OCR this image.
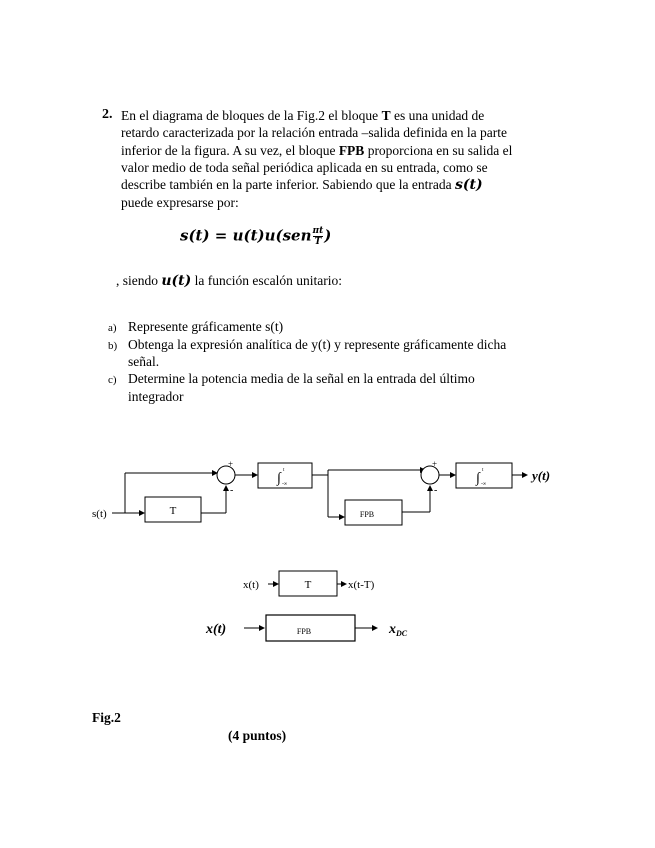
2. En el diagrama de bloques de la Fig.2 el bloque T es una unidad de
retardo caracterizada por la relación entrada –salida definida en la parte
inferior de la figura. A su vez, el bloque FPB proporciona en su salida el
valor medio de toda señal periódica aplicada en su entrada, como se
describe también en la parte inferior. Sabiendo que la entrada s(t)
puede expresarse por:
$s(t) = u(t)u(sen \frac{\pi t}{T}$ )
, siendo u(t) la función escalón unitario:
a) Represente gráficamente s(t)
b) Obtenga la expresión analítica de y(t) y represente gráficamente dicha
señal.
c) Determine la potencia media de la señal en la entrada del último
integrador
s(t)	T
+
-
∫
t
-∞
FPB
+
-
∫
t
-∞
y(t)
x(t)	T	x(t-T)
x(t)	FPB	$x_{DC}$
Fig.2
(4 puntos)
